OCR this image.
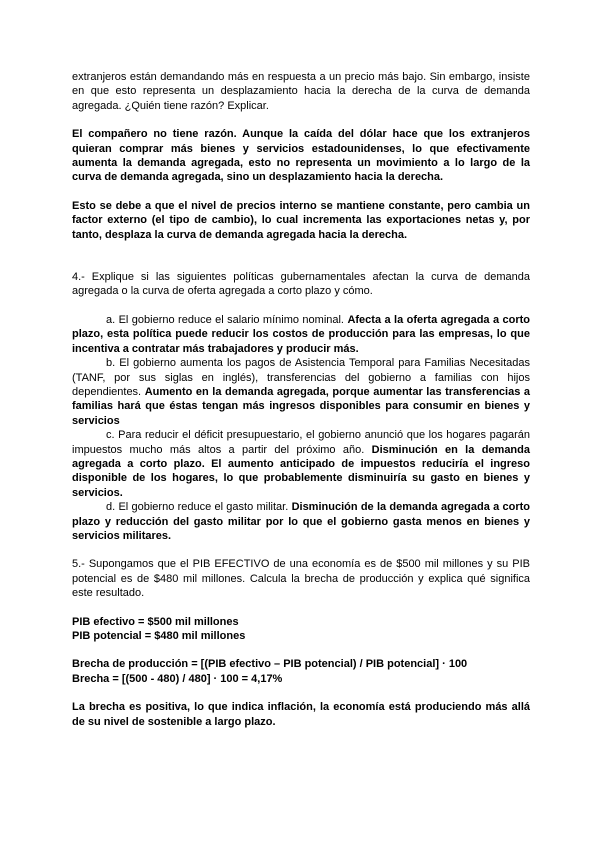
extranjeros están demandando más en respuesta a un precio más bajo. Sin embargo, insiste en que esto representa un desplazamiento hacia la derecha de la curva de demanda agregada. ¿Quién tiene razón? Explicar.

El compañero no tiene razón. Aunque la caída del dólar hace que los extranjeros quieran comprar más bienes y servicios estadounidenses, lo que efectivamente aumenta la demanda agregada, esto no representa un movimiento a lo largo de la curva de demanda agregada, sino un desplazamiento hacia la derecha.

Esto se debe a que el nivel de precios interno se mantiene constante, pero cambia un factor externo (el tipo de cambio), lo cual incrementa las exportaciones netas y, por tanto, desplaza la curva de demanda agregada hacia la derecha.

4.- Explique si las siguientes políticas gubernamentales afectan la curva de demanda agregada o la curva de oferta agregada a corto plazo y cómo.

a. El gobierno reduce el salario mínimo nominal. Afecta a la oferta agregada a corto plazo, esta política puede reducir los costos de producción para las empresas, lo que incentiva a contratar más trabajadores y producir más.

b. El gobierno aumenta los pagos de Asistencia Temporal para Familias Necesitadas (TANF, por sus siglas en inglés), transferencias del gobierno a familias con hijos dependientes. Aumento en la demanda agregada, porque aumentar las transferencias a familias hará que éstas tengan más ingresos disponibles para consumir en bienes y servicios

c. Para reducir el déficit presupuestario, el gobierno anunció que los hogares pagarán impuestos mucho más altos a partir del próximo año. Disminución en la demanda agregada a corto plazo. El aumento anticipado de impuestos reduciría el ingreso disponible de los hogares, lo que probablemente disminuiría su gasto en bienes y servicios.

d. El gobierno reduce el gasto militar. Disminución de la demanda agregada a corto plazo y reducción del gasto militar por lo que el gobierno gasta menos en bienes y servicios militares.

5.- Supongamos que el PIB EFECTIVO de una economía es de $500 mil millones y su PIB potencial es de $480 mil millones. Calcula la brecha de producción y explica qué significa este resultado.

PIB efectivo = $500 mil millones

PIB potencial = $480 mil millones

Brecha de producción = [(PIB efectivo – PIB potencial) / PIB potencial] · 100

Brecha = [(500 - 480) / 480] · 100 = 4,17%

La brecha es positiva, lo que indica inflación, la economía está produciendo más allá de su nivel de sostenible a largo plazo.
